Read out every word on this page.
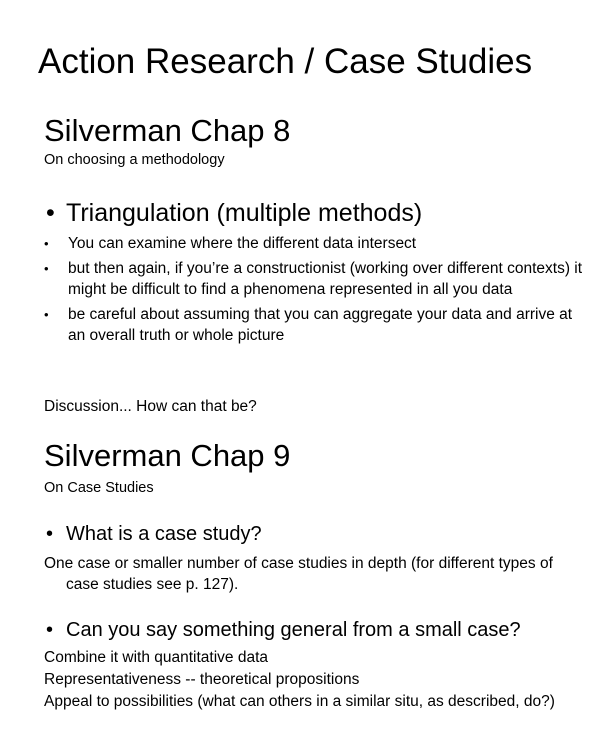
Action Research / Case Studies
Silverman Chap 8
On choosing a methodology
• Triangulation (multiple methods)
• You can examine where the different data intersect
• but then again, if you’re a constructionist (working over different contexts) it might be difficult to find a phenomena represented in all you data
• be careful about assuming that you can aggregate your data and arrive at an overall truth or whole picture
Discussion... How can that be?
Silverman Chap 9
On Case Studies
• What is a case study?
One case or smaller number of case studies in depth (for different types of
case studies see p. 127).
• Can you say something general from a small case?
Combine it with quantitative data
Representativeness -- theoretical propositions
Appeal to possibilities (what can others in a similar situ, as described, do?)
